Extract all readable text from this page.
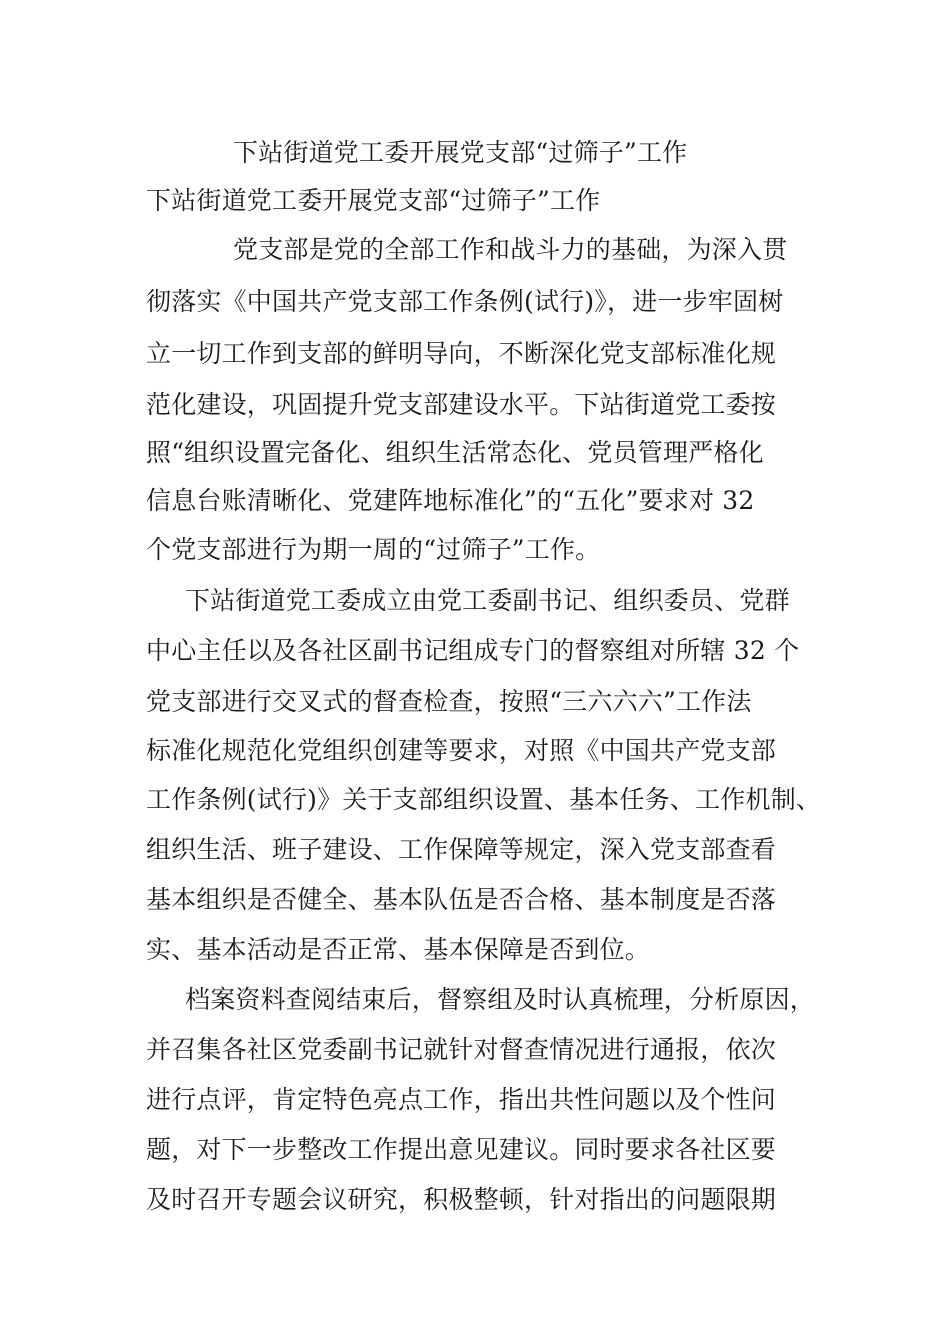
下站街道党工委开展党支部“过筛子”工作
下站街道党工委开展党支部“过筛子”工作
党支部是党的全部工作和战斗力的基础，为深入贯
彻落实《中国共产党支部工作条例(试行)》，进一步牢固树
立一切工作到支部的鲜明导向，不断深化党支部标准化规
范化建设，巩固提升党支部建设水平。下站街道党工委按
照“组织设置完备化、组织生活常态化、党员管理严格化
信息台账清晰化、党建阵地标准化”的“五化”要求对 32
个党支部进行为期一周的“过筛子”工作。
下站街道党工委成立由党工委副书记、组织委员、党群
中心主任以及各社区副书记组成专门的督察组对所辖 32 个
党支部进行交叉式的督查检查，按照“三六六六”工作法
标准化规范化党组织创建等要求，对照《中国共产党支部
工作条例(试行)》关于支部组织设置、基本任务、工作机制、
组织生活、班子建设、工作保障等规定，深入党支部查看
基本组织是否健全、基本队伍是否合格、基本制度是否落
实、基本活动是否正常、基本保障是否到位。
档案资料查阅结束后，督察组及时认真梳理，分析原因，
并召集各社区党委副书记就针对督查情况进行通报，依次
进行点评，肯定特色亮点工作，指出共性问题以及个性问
题，对下一步整改工作提出意见建议。同时要求各社区要
及时召开专题会议研究，积极整顿，针对指出的问题限期
